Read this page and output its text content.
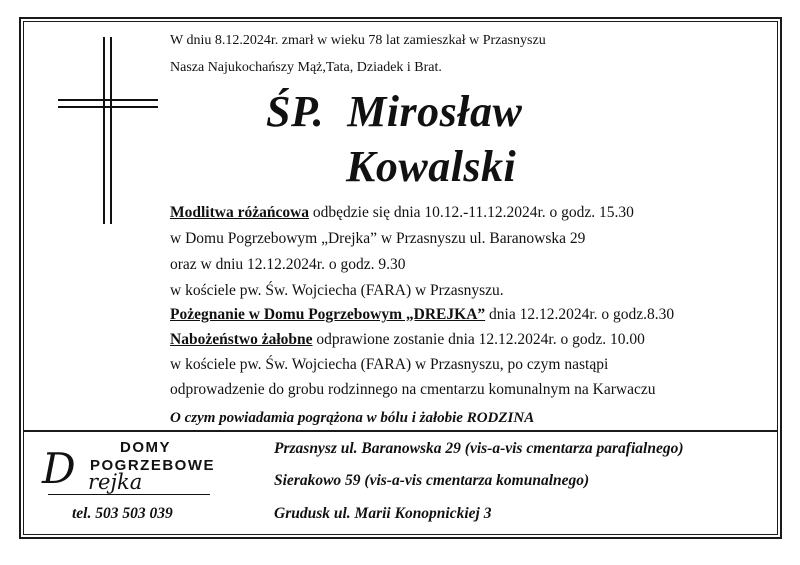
W dniu 8.12.2024r. zmarł w wieku 78 lat zamieszkał w Przasnyszu
Nasza Najukochańszy Mąż,Tata, Dziadek i Brat.
ŚP. Mirosław
Kowalski
Modlitwa różańcowa odbędzie się dnia 10.12.-11.12.2024r. o godz. 15.30
w Domu Pogrzebowym „Drejka” w Przasnyszu ul. Baranowska 29
oraz w dniu 12.12.2024r. o godz. 9.30
w kościele pw. Św. Wojciecha (FARA) w Przasnyszu.
Pożegnanie w Domu Pogrzebowym „DREJKA” dnia 12.12.2024r. o godz.8.30
Nabożeństwo żałobne odprawione zostanie dnia 12.12.2024r. o godz. 10.00
w kościele pw. Św. Wojciecha (FARA) w Przasnyszu, po czym nastąpi
odprowadzenie do grobu rodzinnego na cmentarzu komunalnym na Karwaczu
O czym powiadamia pogrążona w bólu i żałobie RODZINA
DOMY
POGRZEBOWE
D rejka
tel. 503 503 039
Przasnysz ul. Baranowska 29 (vis-a-vis cmentarza parafialnego)
Sierakowo 59 (vis-a-vis cmentarza komunalnego)
Grudusk ul. Marii Konopnickiej 3
